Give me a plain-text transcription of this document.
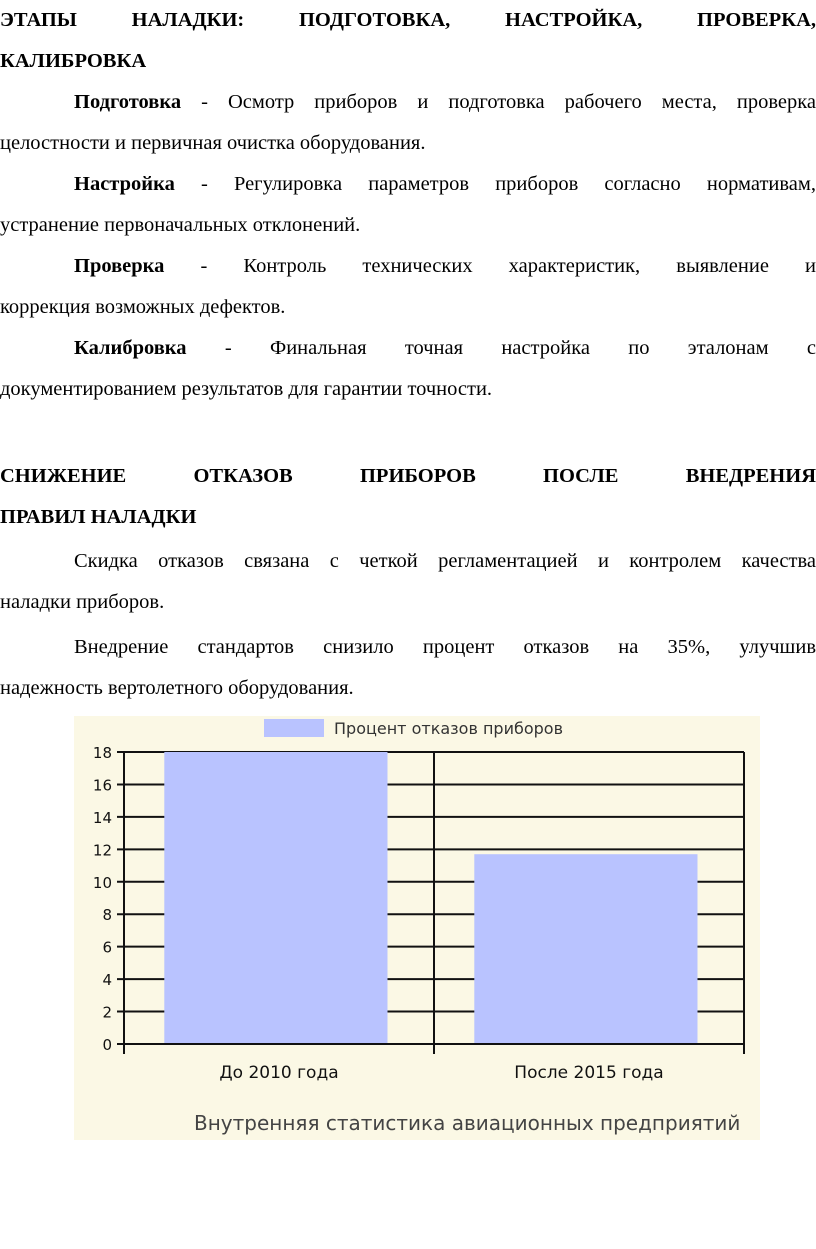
ЭТАПЫ НАЛАДКИ: ПОДГОТОВКА, НАСТРОЙКА, ПРОВЕРКА,

КАЛИБРОВКА

Подготовка - Осмотр приборов и подготовка рабочего места, проверка

целостности и первичная очистка оборудования.

Настройка - Регулировка параметров приборов согласно нормативам,

устранение первоначальных отклонений.

Проверка - Контроль технических характеристик, выявление и

коррекция возможных дефектов.

Калибровка - Финальная точная настройка по эталонам с

документированием результатов для гарантии точности.

СНИЖЕНИЕ ОТКАЗОВ ПРИБОРОВ ПОСЛЕ ВНЕДРЕНИЯ

ПРАВИЛ НАЛАДКИ

Скидка отказов связана с четкой регламентацией и контролем качества

наладки приборов.

Внедрение стандартов снизило процент отказов на 35%, улучшив

надежность вертолетного оборудования.

0
2
4
6
8
10
12
14
16
18
До 2010 года	После 2015 года
Процент отказов приборов
Внутренняя статистика авиационных предприятий
